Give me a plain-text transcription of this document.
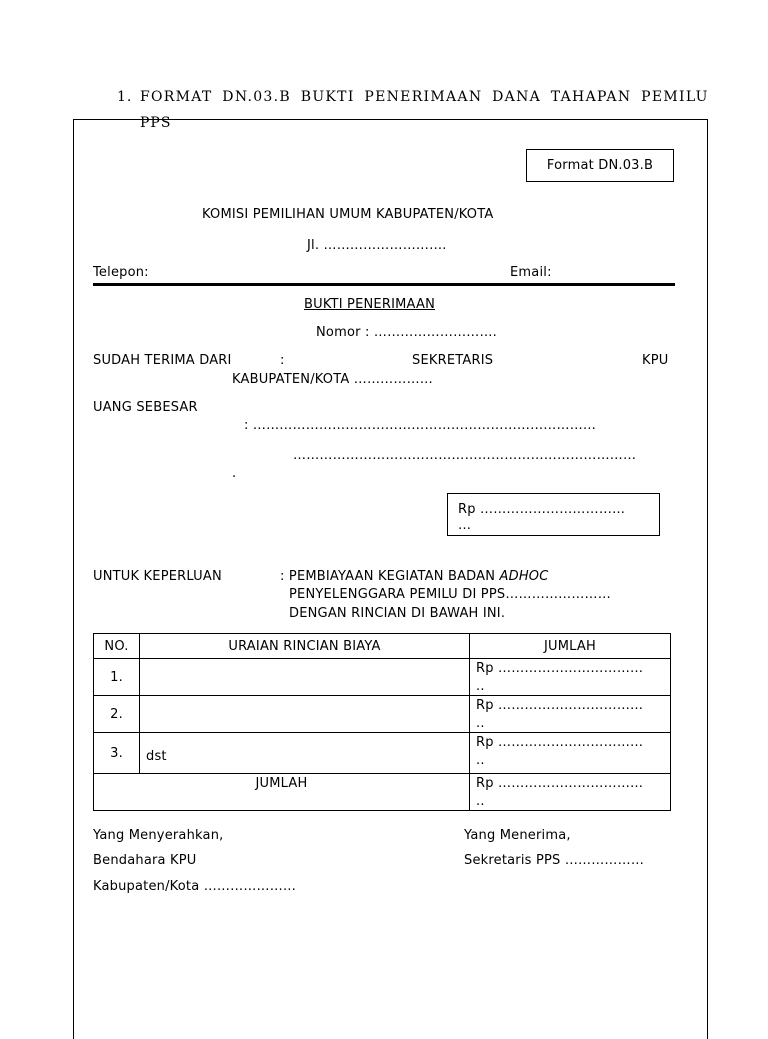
1. FORMAT DN.03.B BUKTI PENERIMAAN DANA TAHAPAN PEMILU
PPS
Format DN.03.B
KOMISI PEMILIHAN UMUM KABUPATEN/KOTA
Jl. ……………………….
Telepon:	Email:
BUKTI PENERIMAAN
Nomor : ……………………….
SUDAH TERIMA DARI	:	SEKRETARIS	KPU
KABUPATEN/KOTA ………………
UANG SEBESAR
: ……………………………………………………………………
……………………………………………………………………
.
Rp ……………………………
…
UNTUK KEPERLUAN	: PEMBIAYAAN KEGIATAN BADAN ADHOC
PENYELENGGARA PEMILU DI PPS……………………
DENGAN RINCIAN DI BAWAH INI.
NO.	URAIAN RINCIAN BIAYA	JUMLAH
1.		Rp ……………………………
..

2.		Rp ……………………………
..

3.	dst	Rp ……………………………
..

JUMLAH		Rp ……………………………
..
Yang Menyerahkan,
Bendahara KPU
Kabupaten/Kota …………………
Yang Menerima,
Sekretaris PPS ………………
